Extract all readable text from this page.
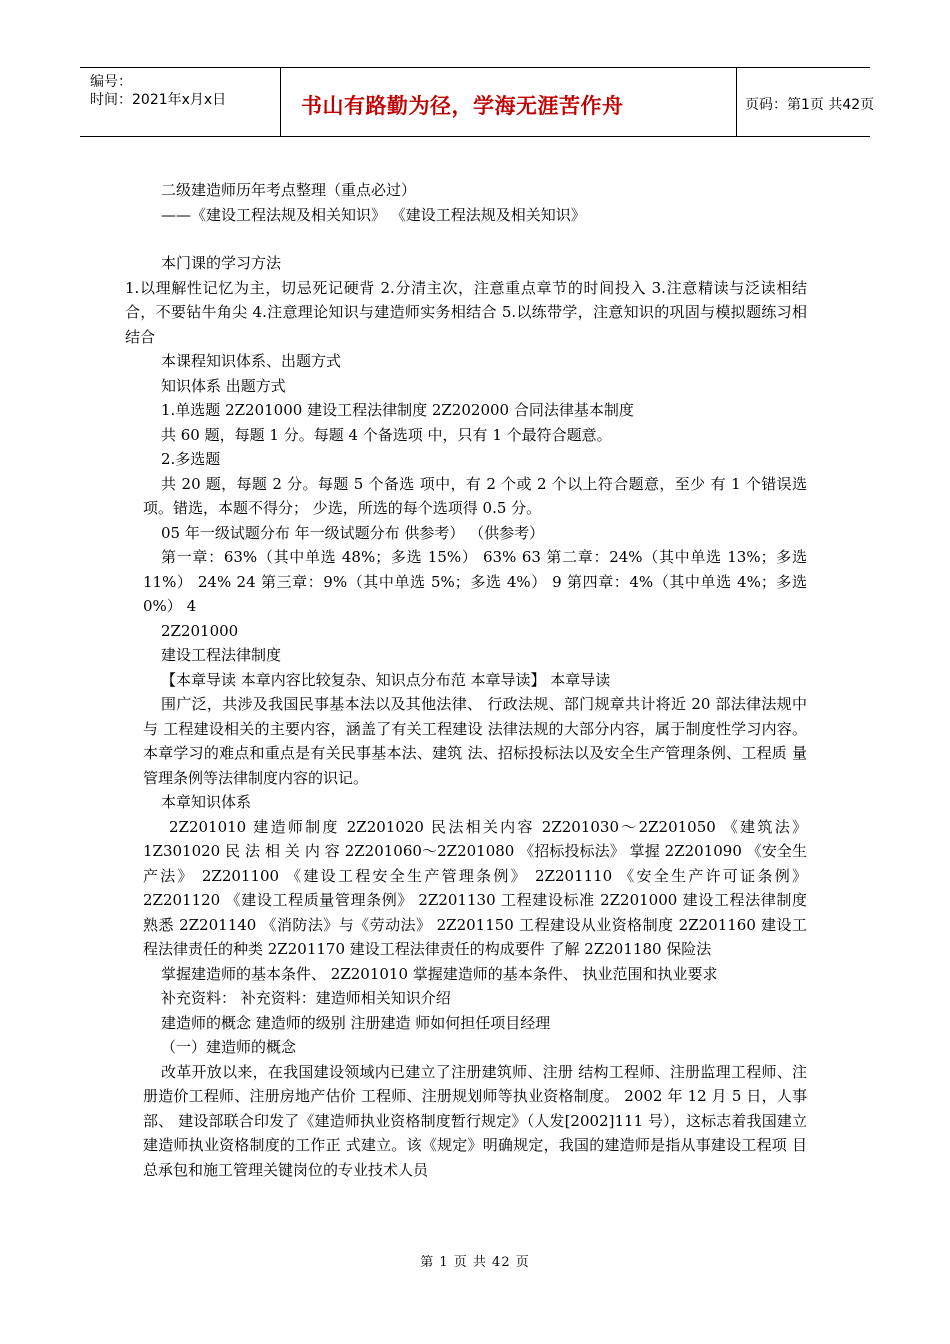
编号：
时间：2021年x月x日	书山有路勤为径，学海无涯苦作舟	页码：第1页 共42页
二级建造师历年考点整理（重点必过）
——《建设工程法规及相关知识》 《建设工程法规及相关知识》
本门课的学习方法
1.以理解性记忆为主，切忌死记硬背 2.分清主次，注意重点章节的时间投入 3.注意精读与泛读相结合，不要钻牛角尖 4.注意理论知识与建造师实务相结合 5.以练带学，注意知识的巩固与模拟题练习相 结合
本课程知识体系、出题方式
知识体系 出题方式
1.单选题 2Z201000 建设工程法律制度 2Z202000 合同法律基本制度
共 60 题，每题 1 分。每题 4 个备选项 中，只有 1 个最符合题意。
2.多选题
共 20 题，每题 2 分。每题 5 个备选 项中，有 2 个或 2 个以上符合题意，至少 有 1 个错误选项。错选，本题不得分； 少选，所选的每个选项得 0.5 分。
05 年一级试题分布 年一级试题分布 供参考） （供参考）
第一章：63%（其中单选 48%；多选 15%） 63% 63 第二章：24%（其中单选 13%；多选 11%） 24% 24 第三章：9%（其中单选 5%；多选 4%） 9 第四章：4%（其中单选 4%；多选 0%） 4
2Z201000
建设工程法律制度
【本章导读 本章内容比较复杂、知识点分布范 本章导读】 本章导读
围广泛，共涉及我国民事基本法以及其他法律、 行政法规、部门规章共计将近 20 部法律法规中与 工程建设相关的主要内容，涵盖了有关工程建设 法律法规的大部分内容，属于制度性学习内容。 本章学习的难点和重点是有关民事基本法、建筑 法、招标投标法以及安全生产管理条例、工程质 量管理条例等法律制度内容的识记。
本章知识体系
2Z201010 建造师制度 2Z201020 民法相关内容 2Z201030～2Z201050 《建筑法》 1Z301020 民 法 相 关 内 容 2Z201060～2Z201080 《招标投标法》 掌握 2Z201090 《安全生产法》 2Z201100 《建设工程安全生产管理条例》 2Z201110 《安全生产许可证条例》 2Z201120 《建设工程质量管理条例》 2Z201130 工程建设标准 2Z201000 建设工程法律制度 熟悉 2Z201140 《消防法》与《劳动法》 2Z201150 工程建设从业资格制度 2Z201160 建设工程法律责任的种类 2Z201170 建设工程法律责任的构成要件 了解 2Z201180 保险法
掌握建造师的基本条件、 2Z201010 掌握建造师的基本条件、 执业范围和执业要求
补充资料： 补充资料：建造师相关知识介绍
建造师的概念 建造师的级别 注册建造 师如何担任项目经理
（一）建造师的概念
改革开放以来，在我国建设领域内已建立了注册建筑师、注册 结构工程师、注册监理工程师、注册造价工程师、注册房地产估价 工程师、注册规划师等执业资格制度。 2002 年 12 月 5 日，人事部、 建设部联合印发了《建造师执业资格制度暂行规定》（人发[2002]111 号），这标志着我国建立建造师执业资格制度的工作正 式建立。该《规定》明确规定，我国的建造师是指从事建设工程项 目总承包和施工管理关键岗位的专业技术人员
第 1 页 共 42 页
